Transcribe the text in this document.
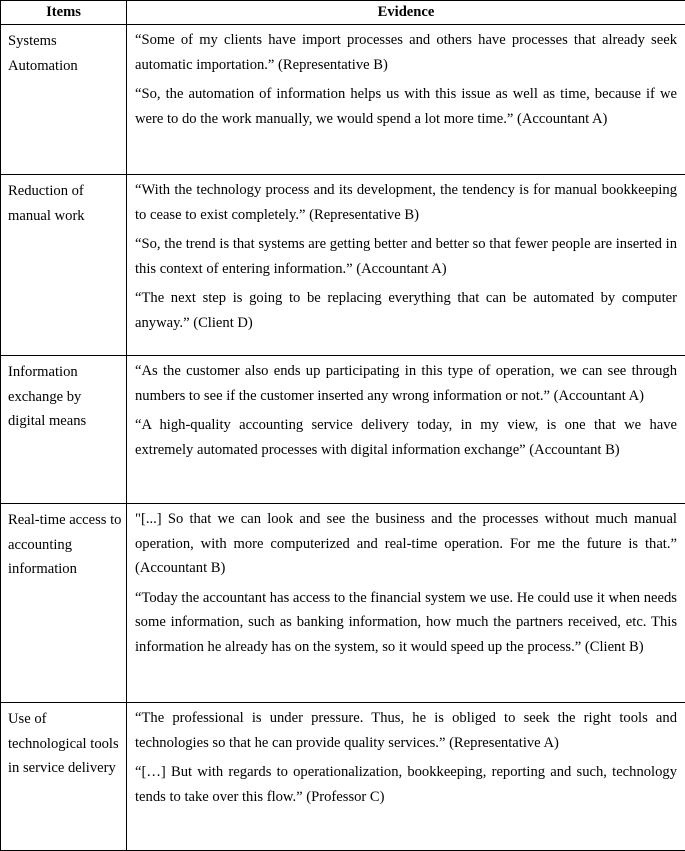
Items	Evidence
Systems Automation	“Some of my clients have import processes and others have processes that already seek automatic importation.” (Representative B)

“So, the automation of information helps us with this issue as well as time, because if we were to do the work manually, we would spend a lot more time.” (Accountant A)

Reduction of manual work	“With the technology process and its development, the tendency is for manual bookkeeping to cease to exist completely.” (Representative B)

“So, the trend is that systems are getting better and better so that fewer people are inserted in this context of entering information.” (Accountant A)

“The next step is going to be replacing everything that can be automated by computer anyway.” (Client D)

Information exchange by digital means	“As the customer also ends up participating in this type of operation, we can see through numbers to see if the customer inserted any wrong information or not.” (Accountant A)

“A high-quality accounting service delivery today, in my view, is one that we have extremely automated processes with digital information exchange” (Accountant B)

Real-time access to accounting information	"[...] So that we can look and see the business and the processes without much manual operation, with more computerized and real-time operation. For me the future is that.” (Accountant B)

“Today the accountant has access to the financial system we use. He could use it when needs some information, such as banking information, how much the partners received, etc. This information he already has on the system, so it would speed up the process.” (Client B)

Use of technological tools in service delivery	“The professional is under pressure. Thus, he is obliged to seek the right tools and technologies so that he can provide quality services.” (Representative A)

“[…] But with regards to operationalization, bookkeeping, reporting and such, technology tends to take over this flow.” (Professor C)
